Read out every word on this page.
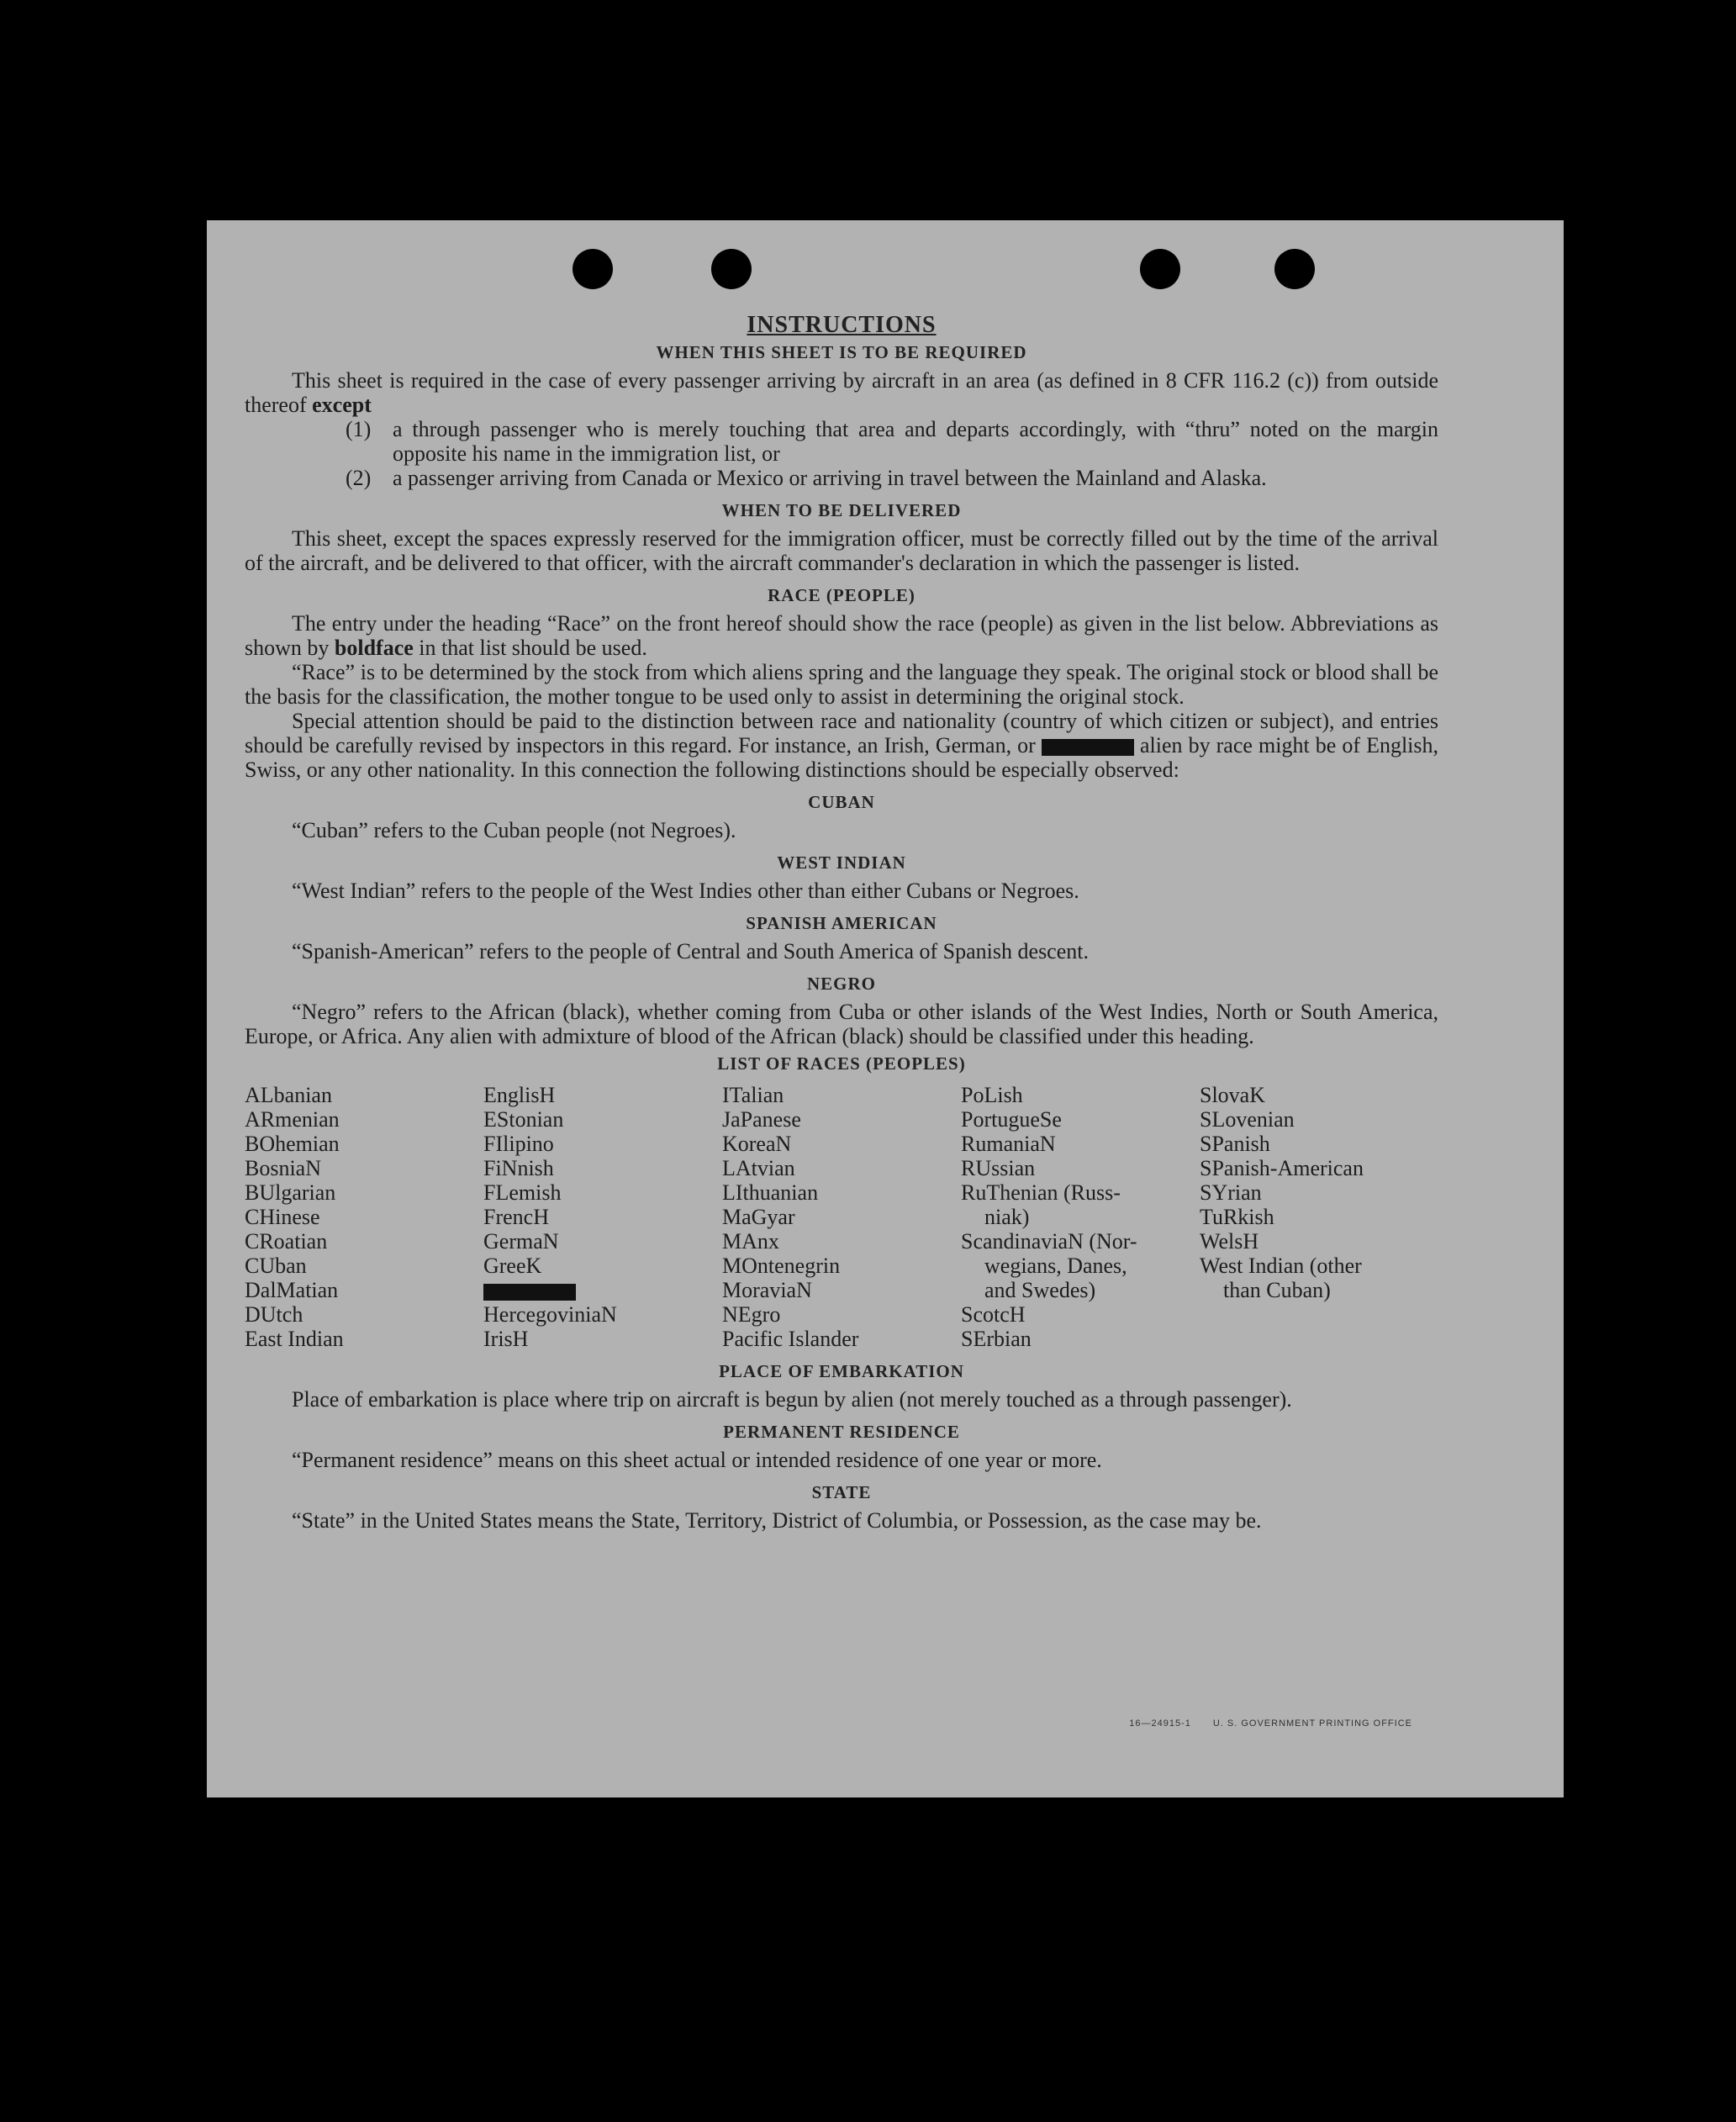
INSTRUCTIONS
WHEN THIS SHEET IS TO BE REQUIRED

This sheet is required in the case of every passenger arriving by aircraft in an area (as defined in 8 CFR 116.2 (c)) from outside thereof except

(1) a through passenger who is merely touching that area and departs accordingly, with “thru” noted on the margin opposite his name in the immigration list, or
(2) a passenger arriving from Canada or Mexico or arriving in travel between the Mainland and Alaska.
WHEN TO BE DELIVERED

This sheet, except the spaces expressly reserved for the immigration officer, must be correctly filled out by the time of the arrival of the aircraft, and be delivered to that officer, with the aircraft commander's declaration in which the passenger is listed.

RACE (PEOPLE)

The entry under the heading “Race” on the front hereof should show the race (people) as given in the list below. Abbreviations as shown by boldface in that list should be used.

“Race” is to be determined by the stock from which aliens spring and the language they speak. The original stock or blood shall be the basis for the classification, the mother tongue to be used only to assist in determining the original stock.

Special attention should be paid to the distinction between race and nationality (country of which citizen or subject), and entries should be carefully revised by inspectors in this regard. For instance, an Irish, German, or	alien by race might be of English, Swiss, or any other nationality. In this connection the following distinctions should be especially observed:

CUBAN

“Cuban” refers to the Cuban people (not Negroes).

WEST INDIAN

“West Indian” refers to the people of the West Indies other than either Cubans or Negroes.

SPANISH AMERICAN

“Spanish-American” refers to the people of Central and South America of Spanish descent.

NEGRO

“Negro” refers to the African (black), whether coming from Cuba or other islands of the West Indies, North or South America, Europe, or Africa. Any alien with admixture of blood of the African (black) should be classified under this heading.

LIST OF RACES (PEOPLES)
ALbanian
ARmenian
BOhemian
BosniaN
BUlgarian
CHinese
CRoatian
CUban
DalMatian
DUtch
East Indian
EnglisH
EStonian
FIlipino
FiNnish
FLemish
FrencH
GermaN
GreeK
HercegoviniaN
IrisH
ITalian
JaPanese
KoreaN
LAtvian
LIthuanian
MaGyar
MAnx
MOntenegrin
MoraviaN
NEgro
Pacific Islander
PoLish
PortugueSe
RumaniaN
RUssian
RuThenian (Russ-
niak)
ScandinaviaN (Nor-
wegians, Danes,
and Swedes)
ScotcH
SErbian
SlovaK
SLovenian
SPanish
SPanish-American
SYrian
TuRkish
WelsH
West Indian (other
than Cuban)
PLACE OF EMBARKATION

Place of embarkation is place where trip on aircraft is begun by alien (not merely touched as a through passenger).

PERMANENT RESIDENCE

“Permanent residence” means on this sheet actual or intended residence of one year or more.

STATE

“State” in the United States means the State, Territory, District of Columbia, or Possession, as the case may be.

16—24915-1 U. S. GOVERNMENT PRINTING OFFICE
